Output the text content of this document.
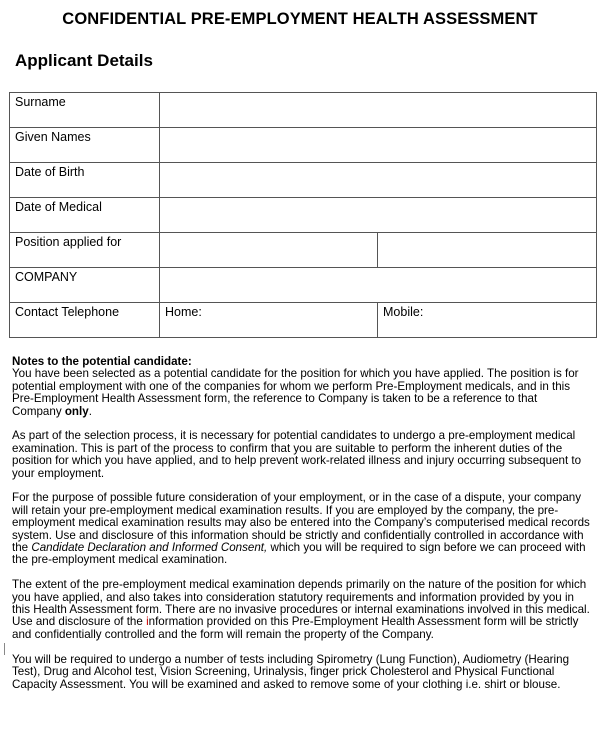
CONFIDENTIAL PRE-EMPLOYMENT HEALTH ASSESSMENT
Applicant Details
Surname		
Given Names		
Date of Birth		
Date of Medical		
Position applied for		
COMPANY		
Contact Telephone	Home:	Mobile:

Notes to the potential candidate:

You have been selected as a potential candidate for the position for which you have applied. The position is for potential employment with one of the companies for whom we perform Pre-Employment medicals, and in this Pre-Employment Health Assessment form, the reference to Company is taken to be a reference to that Company only.

As part of the selection process, it is necessary for potential candidates to undergo a pre-employment medical examination. This is part of the process to confirm that you are suitable to perform the inherent duties of the position for which you have applied, and to help prevent work-related illness and injury occurring subsequent to your employment.

For the purpose of possible future consideration of your employment, or in the case of a dispute, your company will retain your pre-employment medical examination results. If you are employed by the company, the pre-employment medical examination results may also be entered into the Company’s computerised medical records system. Use and disclosure of this information should be strictly and confidentially controlled in accordance with the Candidate Declaration and Informed Consent, which you will be required to sign before we can proceed with the pre-employment medical examination.

The extent of the pre-employment medical examination depends primarily on the nature of the position for which you have applied, and also takes into consideration statutory requirements and information provided by you in this Health Assessment form. There are no invasive procedures or internal examinations involved in this medical. Use and disclosure of the information provided on this Pre-Employment Health Assessment form will be strictly and confidentially controlled and the form will remain the property of the Company.

You will be required to undergo a number of tests including Spirometry (Lung Function), Audiometry (Hearing Test), Drug and Alcohol test, Vision Screening, Urinalysis, finger prick Cholesterol and Physical Functional Capacity Assessment. You will be examined and asked to remove some of your clothing i.e. shirt or blouse.
